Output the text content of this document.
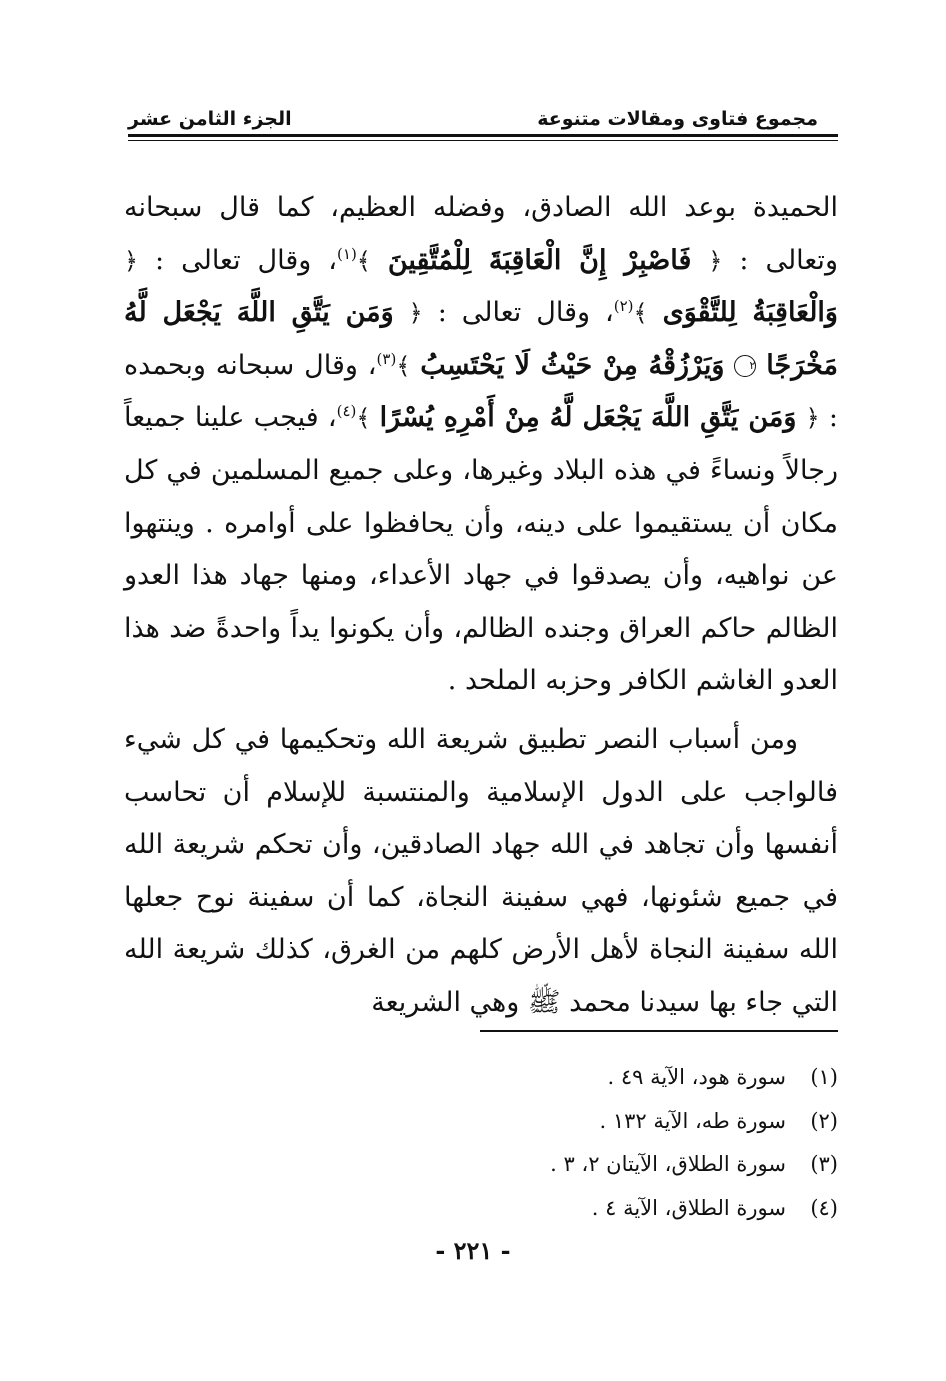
مجموع فتاوى ومقالات متنوعة
الجزء الثامن عشر

الحميدة بوعد الله الصادق، وفضله العظيم، كما قال سبحانه وتعالى : ﴿ فَاصْبِرْ إِنَّ الْعَاقِبَةَ لِلْمُتَّقِينَ ﴾$^{(١)}$، وقال تعالى : ﴿ وَالْعَاقِبَةُ لِلتَّقْوَى ﴾$^{(٢)}$، وقال تعالى : ﴿ وَمَن يَتَّقِ اللَّهَ يَجْعَل لَّهُ مَخْرَجًا ٢ وَيَرْزُقْهُ مِنْ حَيْثُ لَا يَحْتَسِبُ ﴾$^{(٣)}$، وقال سبحانه وبحمده : ﴿ وَمَن يَتَّقِ اللَّهَ يَجْعَل لَّهُ مِنْ أَمْرِهِ يُسْرًا ﴾$^{(٤)}$، فيجب علينا جميعاً رجالاً ونساءً في هذه البلاد وغيرها، وعلى جميع المسلمين في كل مكان أن يستقيموا على دينه، وأن يحافظوا على أوامره . وينتهوا عن نواهيه، وأن يصدقوا في جهاد الأعداء، ومنها جهاد هذا العدو الظالم حاكم العراق وجنده الظالم، وأن يكونوا يداً واحدةً ضد هذا العدو الغاشم الكافر وحزبه الملحد .

ومن أسباب النصر تطبيق شريعة الله وتحكيمها في كل شيء فالواجب على الدول الإسلامية والمنتسبة للإسلام أن تحاسب أنفسها وأن تجاهد في الله جهاد الصادقين، وأن تحكم شريعة الله في جميع شئونها، فهي سفينة النجاة، كما أن سفينة نوح جعلها الله سفينة النجاة لأهل الأرض كلهم من الغرق، كذلك شريعة الله التي جاء بها سيدنا محمد ﷺ وهي الشريعة

(١)
سورة هود، الآية ٤٩ .
(٢)
سورة طه، الآية ١٣٢ .
(٣)
سورة الطلاق، الآيتان ٢، ٣ .
(٤)
سورة الطلاق، الآية ٤ .
- ٢٢١ -
